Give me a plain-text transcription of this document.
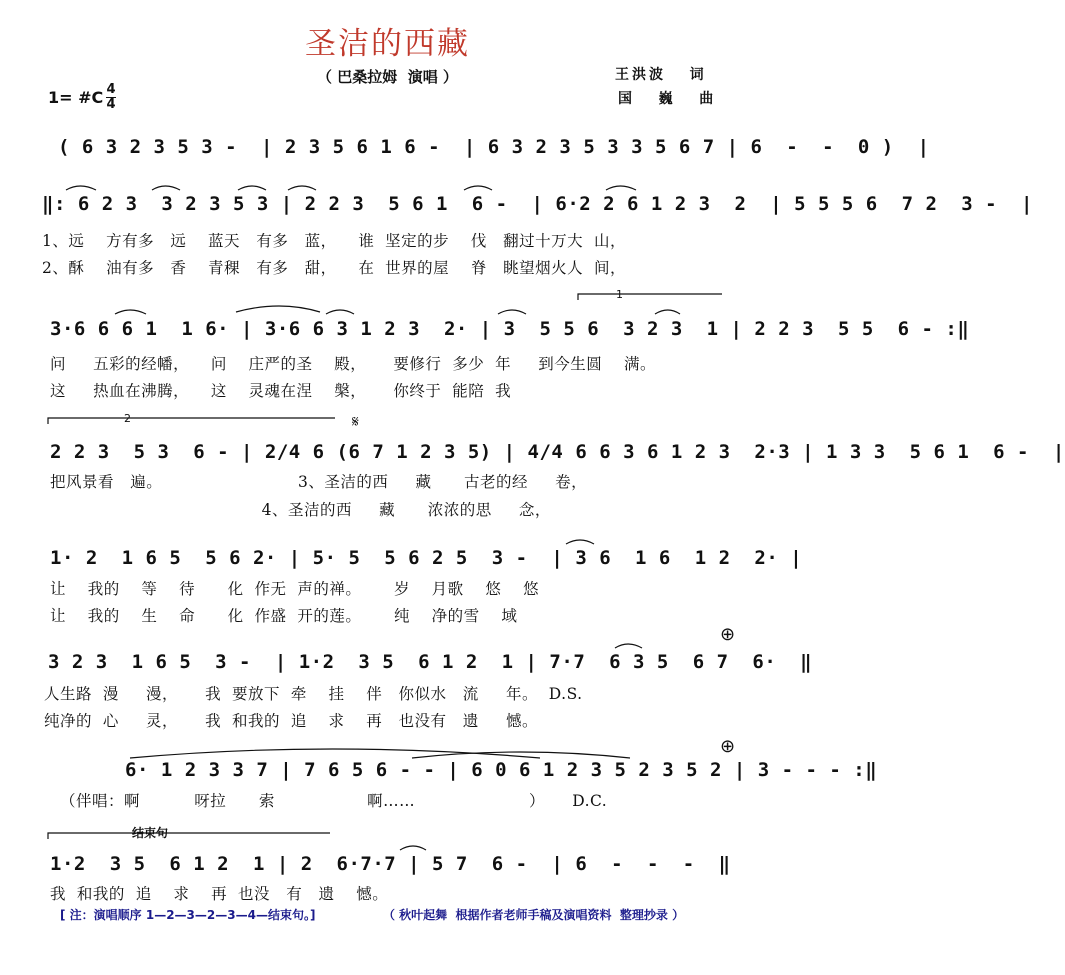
圣洁的西藏
（ 巴桑拉姆  演唱 ）	王洪波   词
国   巍   曲
1= #C 4
4
( 6 3 2 3 5 3 -  | 2 3 5 6 1 6 -  | 6 3 2 3 5 3 3 5 6 7 | 6  -  -  0 )  |
‖: 6 2 3  3 2 3 5 3 | 2 2 3  5 6 1  6 -  | 6·2 2 6 1 2 3  2  | 5 5 5 6  7 2  3 -  |
1、远    方有多   远    蓝天   有多   蓝，    谁  坚定的步    伐   翻过十万大  山，
2、酥    油有多   香    青稞   有多   甜，    在  世界的屋    脊   眺望烟火人  间，
3·6 6 6 1  1 6· | 3·6 6 3 1 2 3  2· | 3  5 5 6  3 2 3  1 | 2 2 3  5 5  6 - :‖
问     五彩的经幡，    问    庄严的圣    殿，     要修行  多少  年     到今生圆    满。
这     热血在沸腾，    这    灵魂在涅    槃，     你终于  能陪  我
1
2 2 3  5 3  6 - | 2/4 6 (6 7 1 2 3 5) | 4/4 6 6 3 6 1 2 3  2·3 | 1 3 3  5 6 1  6 -  |
把风景看   遍。                         3、圣洁的西     藏      古老的经     卷，
4、圣洁的西     藏      浓浓的思     念，
2	𝄋
1· 2  1 6 5  5 6 2· | 5· 5  5 6 2 5  3 -  | 3 6  1 6  1 2  2· |
让    我的    等    待      化  作无  声的禅。      岁    月歌    悠    悠
让    我的    生    命      化  作盛  开的莲。      纯    净的雪    域
3 2 3  1 6 5  3 -  | 1·2  3 5  6 1 2  1 | 7·7  6 3 5  6 7  6·  ‖
人生路  漫     漫，     我  要放下  牵    挂    伴   你似水   流     年。  D.S.
纯净的  心     灵，     我  和我的  追    求    再   也没有   遗     憾。
⊕
6· 1 2 3 3 7 | 7 6 5 6 - - | 6 0 6 1 2 3 5 2 3 5 2 | 3 - - - :‖
（伴唱：啊          呀拉      索                 啊……                     ）     D.C.
⊕
结束句
1·2  3 5  6 1 2  1 | 2  6·7·7 | 5 7  6 -  | 6  -  -  -  ‖
我  和我的  追    求    再  也没   有   遗    憾。
[ 注：演唱顺序 1—2—3—2—3—4—结束句。]	（ 秋叶起舞  根据作者老师手稿及演唱资料  整理抄录 ）
